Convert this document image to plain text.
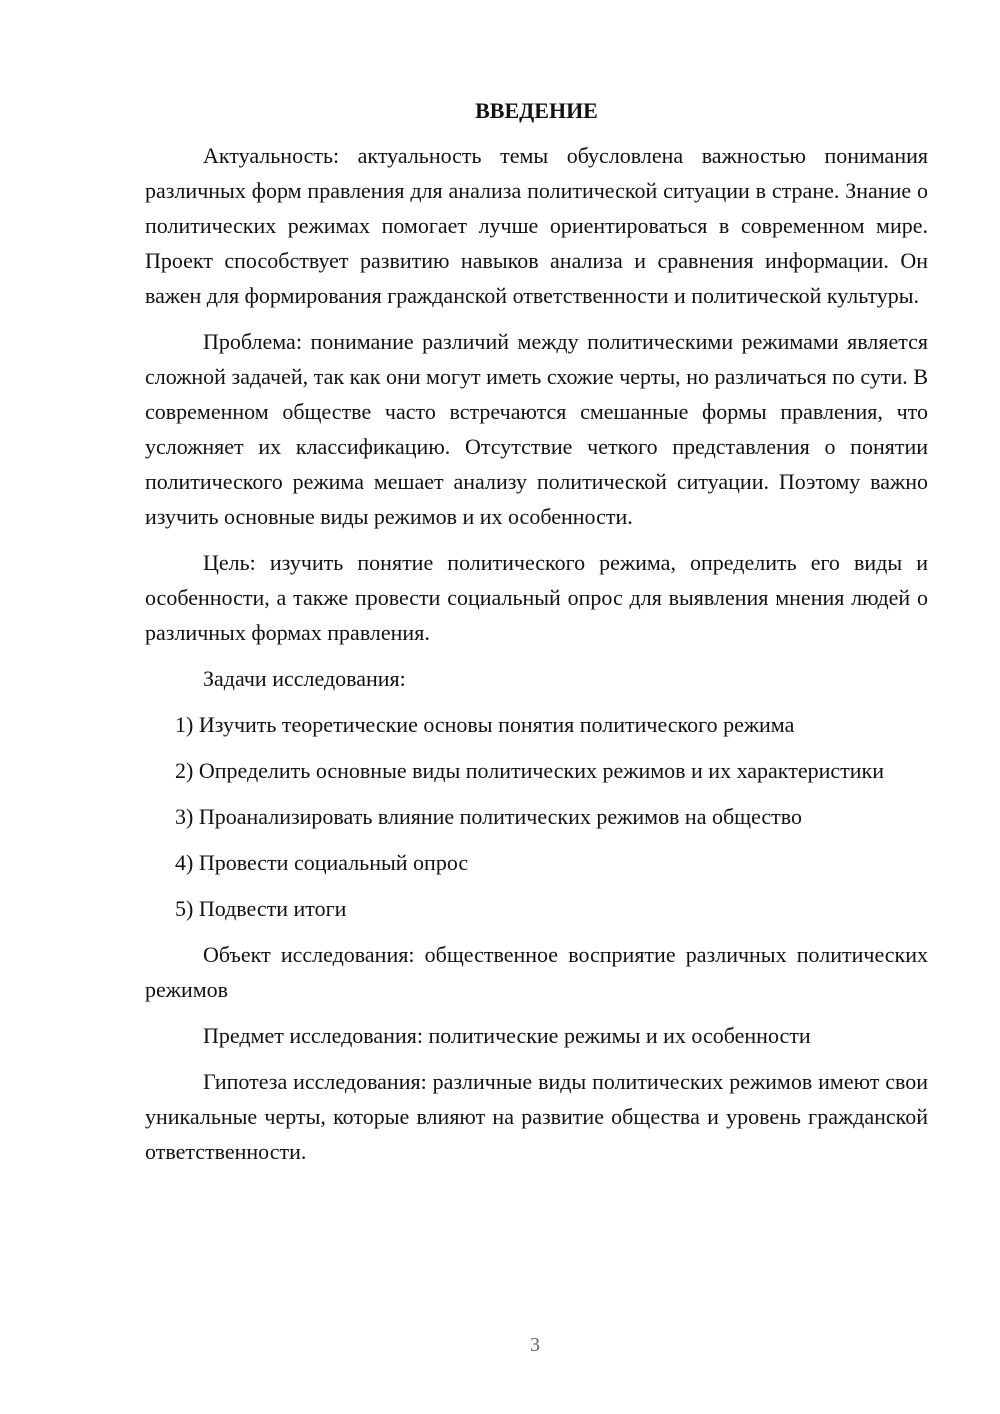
ВВЕДЕНИЕ

Актуальность: актуальность темы обусловлена важностью понимания различных форм правления для анализа политической ситуации в стране. Знание о политических режимах помогает лучше ориентироваться в современном мире. Проект способствует развитию навыков анализа и сравнения информации. Он важен для формирования гражданской ответственности и политической культуры.

Проблема: понимание различий между политическими режимами является сложной задачей, так как они могут иметь схожие черты, но различаться по сути. В современном обществе часто встречаются смешанные формы правления, что усложняет их классификацию. Отсутствие четкого представления о понятии политического режима мешает анализу политической ситуации. Поэтому важно изучить основные виды режимов и их особенности.

Цель: изучить понятие политического режима, определить его виды и особенности, а также провести социальный опрос для выявления мнения людей о различных формах правления.

Задачи исследования:

1) Изучить теоретические основы понятия политического режима

2) Определить основные виды политических режимов и их характеристики

3) Проанализировать влияние политических режимов на общество

4) Провести социальный опрос

5) Подвести итоги

Объект исследования: общественное восприятие различных политических режимов

Предмет исследования: политические режимы и их особенности

Гипотеза исследования: различные виды политических режимов имеют свои уникальные черты, которые влияют на развитие общества и уровень гражданской ответственности.

3
